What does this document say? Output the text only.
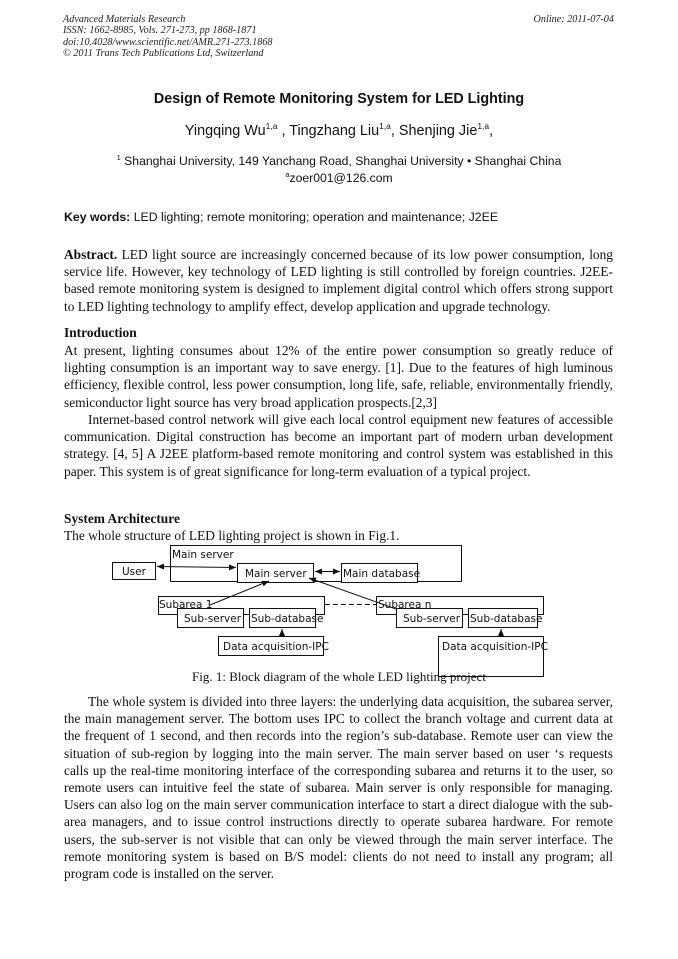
Advanced Materials Research
ISSN: 1662-8985, Vols. 271-273, pp 1868-1871
doi:10.4028/www.scientific.net/AMR.271-273.1868
© 2011 Trans Tech Publications Ltd, Switzerland
Online: 2011-07-04
Design of Remote Monitoring System for LED Lighting
Yingqing Wu$^{1,a}$ , Tingzhang Liu$^{1,a}$, Shenjing Jie$^{1,a}$,
$^1$ Shanghai University, 149 Yanchang Road, Shanghai University • Shanghai China
$^a$zoer001@126.com
Key words: LED lighting; remote monitoring; operation and maintenance; J2EE
Abstract. LED light source are increasingly concerned because of its low power consumption, long service life. However, key technology of LED lighting is still controlled by foreign countries. J2EE-based remote monitoring system is designed to implement digital control which offers strong support to LED lighting technology to amplify effect, develop application and upgrade technology.
Introduction
At present, lighting consumes about 12% of the entire power consumption so greatly reduce of lighting consumption is an important way to save energy. [1]. Due to the features of high luminous efficiency, flexible control, less power consumption, long life, safe, reliable, environmentally friendly, semiconductor light source has very broad application prospects.[2,3]
Internet-based control network will give each local control equipment new features of accessible communication. Digital construction has become an important part of modern urban development strategy. [4, 5] A J2EE platform-based remote monitoring and control system was established in this paper. This system is of great significance for long-term evaluation of a typical project.
System Architecture
The whole structure of LED lighting project is shown in Fig.1.
User
Main server
Main server	Main database
Subarea 1
Sub-server Sub-database
Data acquisition-IPC
Subarea n
Sub-server Sub-database
Data acquisition-IPC
Fig. 1: Block diagram of the whole LED lighting project
The whole system is divided into three layers: the underlying data acquisition, the subarea server, the main management server. The bottom uses IPC to collect the branch voltage and current data at the frequent of 1 second, and then records into the region’s sub-database. Remote user can view the situation of sub-region by logging into the main server. The main server based on user ‘s requests calls up the real-time monitoring interface of the corresponding subarea and returns it to the user, so remote users can intuitive feel the state of subarea. Main server is only responsible for managing. Users can also log on the main server communication interface to start a direct dialogue with the sub-area managers, and to issue control instructions directly to operate subarea hardware. For remote users, the sub-server is not visible that can only be viewed through the main server interface. The remote monitoring system is based on B/S model: clients do not need to install any program; all program code is installed on the server.
